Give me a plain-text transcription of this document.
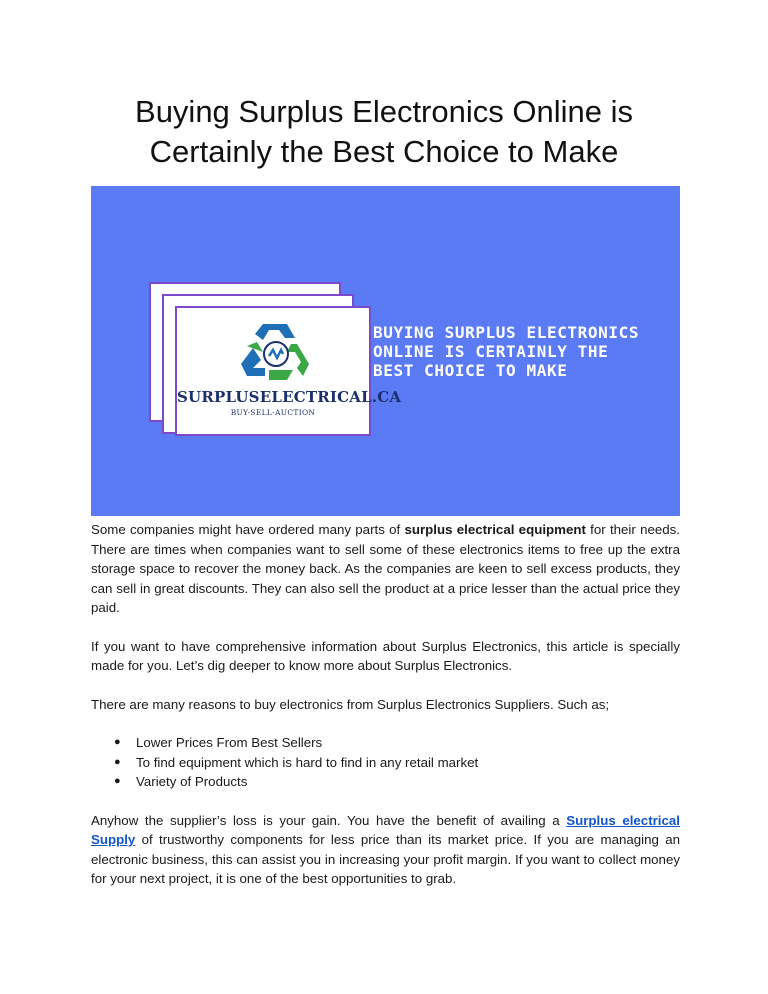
Buying Surplus Electronics Online is
Certainly the Best Choice to Make
SURPLUSELECTRICAL.CA
BUY-SELL-AUCTION
BUYING SURPLUS ELECTRONICS
ONLINE IS CERTAINLY THE
BEST CHOICE TO MAKE

Some companies might have ordered many parts of surplus electrical equipment for their needs. There are times when companies want to sell some of these electronics items to free up the extra storage space to recover the money back. As the companies are keen to sell excess products, they can sell in great discounts. They can also sell the product at a price lesser than the actual price they paid.

If you want to have comprehensive information about Surplus Electronics, this article is specially made for you. Let’s dig deeper to know more about Surplus Electronics.

There are many reasons to buy electronics from Surplus Electronics Suppliers. Such as;

● Lower Prices From Best Sellers
● To find equipment which is hard to find in any retail market
● Variety of Products

Anyhow the supplier’s loss is your gain. You have the benefit of availing a Surplus electrical Supply of trustworthy components for less price than its market price. If you are managing an electronic business, this can assist you in increasing your profit margin. If you want to collect money for your next project, it is one of the best opportunities to grab.
